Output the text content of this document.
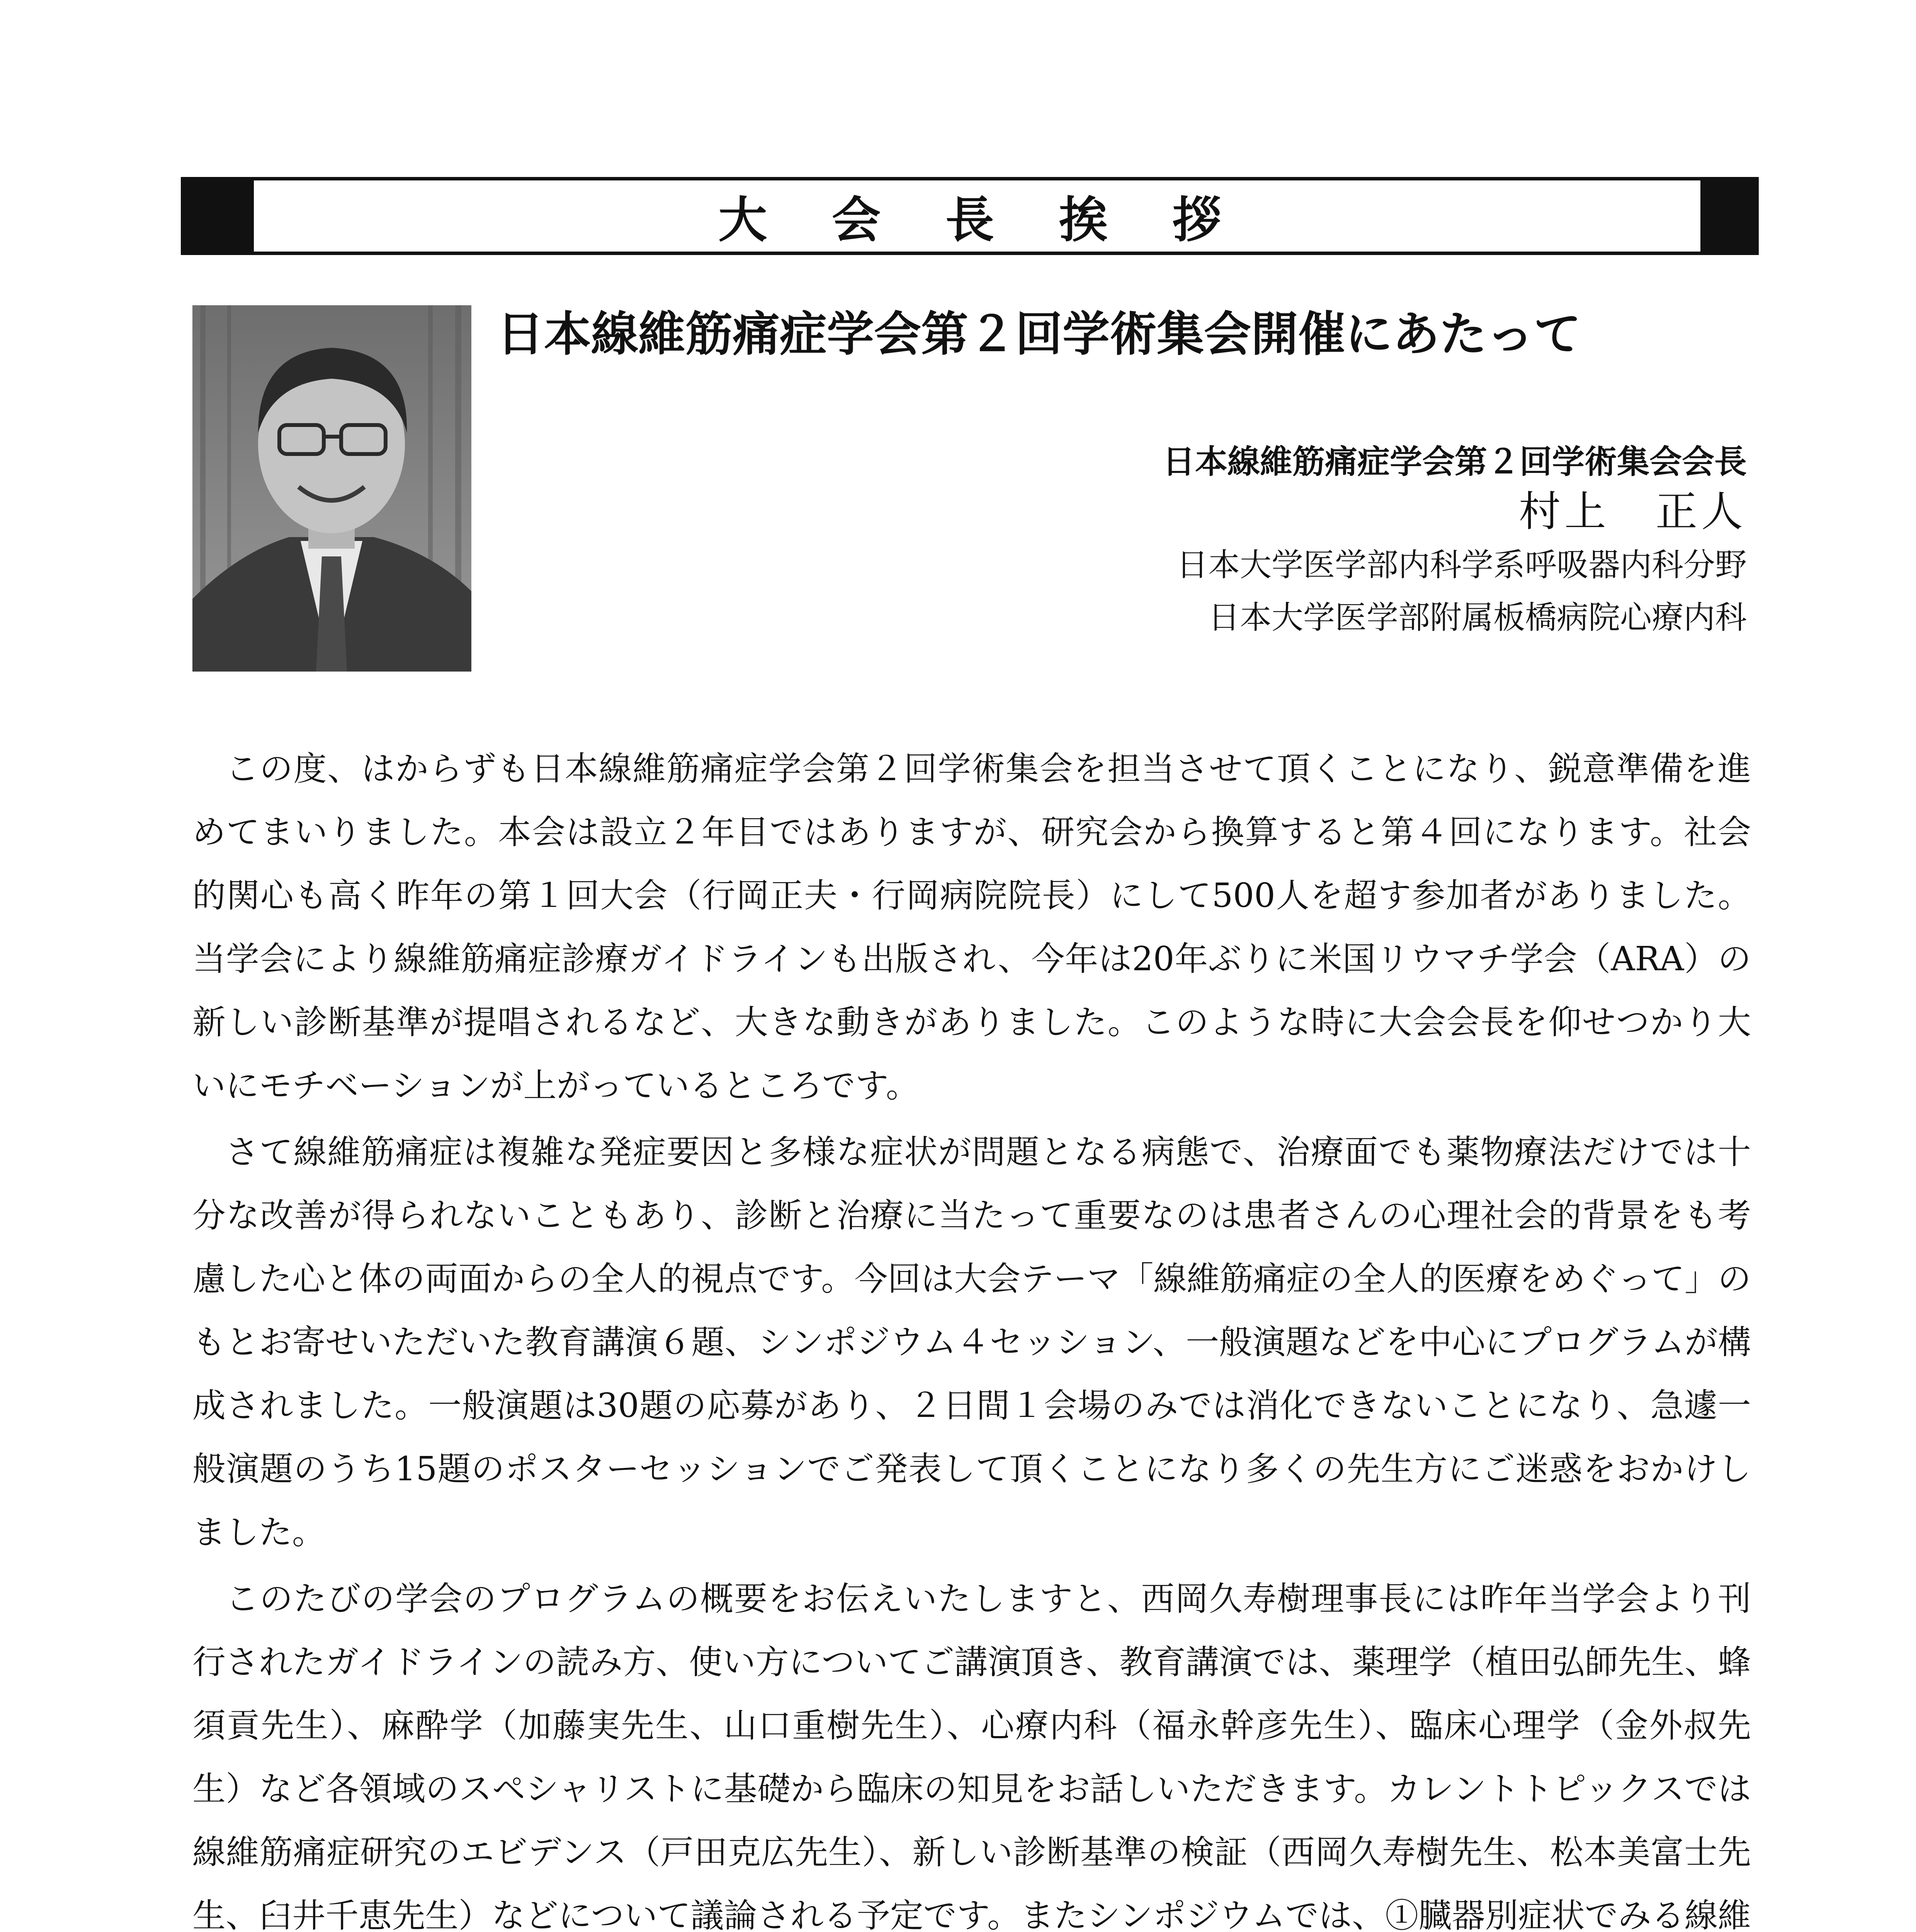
大 会 長 挨 拶
日本線維筋痛症学会第２回学術集会開催にあたって
日本線維筋痛症学会第２回学術集会会長
村上　正人
日本大学医学部内科学系呼吸器内科分野
日本大学医学部附属板橋病院心療内科

この度、はからずも日本線維筋痛症学会第２回学術集会を担当させて頂くことになり、鋭意準備を進めてまいりました。本会は設立２年目ではありますが、研究会から換算すると第４回になります。社会的関心も高く昨年の第１回大会（行岡正夫・行岡病院院長）にして500人を超す参加者がありました。当学会により線維筋痛症診療ガイドラインも出版され、今年は20年ぶりに米国リウマチ学会（ARA）の新しい診断基準が提唱されるなど、大きな動きがありました。このような時に大会会長を仰せつかり大いにモチベーションが上がっているところです。

さて線維筋痛症は複雑な発症要因と多様な症状が問題となる病態で、治療面でも薬物療法だけでは十分な改善が得られないこともあり、診断と治療に当たって重要なのは患者さんの心理社会的背景をも考慮した心と体の両面からの全人的視点です。今回は大会テーマ「線維筋痛症の全人的医療をめぐって」のもとお寄せいただいた教育講演６題、シンポジウム４セッション、一般演題などを中心にプログラムが構成されました。一般演題は30題の応募があり、２日間１会場のみでは消化できないことになり、急遽一般演題のうち15題のポスターセッションでご発表して頂くことになり多くの先生方にご迷惑をおかけしました。

このたびの学会のプログラムの概要をお伝えいたしますと、西岡久寿樹理事長には昨年当学会より刊行されたガイドラインの読み方、使い方についてご講演頂き、教育講演では、薬理学（植田弘師先生、蜂須貢先生）、麻酔学（加藤実先生、山口重樹先生）、心療内科（福永幹彦先生）、臨床心理学（金外叔先生）など各領域のスペシャリストに基礎から臨床の知見をお話しいただきます。カレントトピックスでは線維筋痛症研究のエビデンス（戸田克広先生）、新しい診断基準の検証（西岡久寿樹先生、松本美富士先生、臼井千恵先生）などについて議論される予定です。またシンポジウムでは、①臓器別症状でみる線維
